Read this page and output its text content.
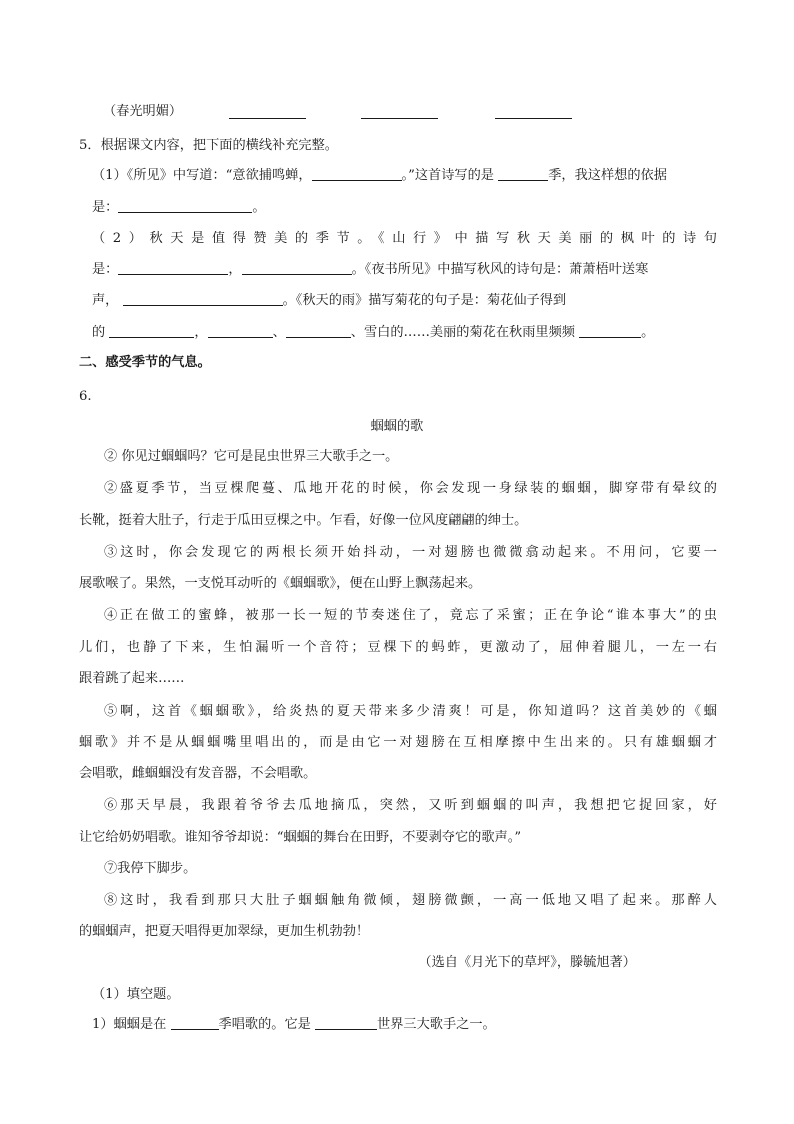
（春光明媚）
5．根据课文内容，把下面的横线补充完整。
（1）《所见》中写道：“意欲捕鸣蝉，	。”这首诗写的是	季，我这样想的依据
是：	。
（2）秋天是值得赞美的季节。《山行》中描写秋天美丽的枫叶的诗句
是：	，	。《夜书所见》中描写秋风的诗句是：萧萧梧叶送寒
声，	。《秋天的雨》描写菊花的句子是：菊花仙子得到
的	，	、	、雪白的……美丽的菊花在秋雨里频频	。
二、感受季节的气息。
6.
蝈蝈的歌
② 你见过蝈蝈吗？它可是昆虫世界三大歌手之一。
②盛夏季节，当豆棵爬蔓、瓜地开花的时候，你会发现一身绿装的蝈蝈，脚穿带有晕纹的
长靴，挺着大肚子，行走于瓜田豆棵之中。乍看，好像一位风度翩翩的绅士。
③这时，你会发现它的两根长须开始抖动，一对翅膀也微微翕动起来。不用问，它要一
展歌喉了。果然，一支悦耳动听的《蝈蝈歌》，便在山野上飘荡起来。
④正在做工的蜜蜂，被那一长一短的节奏迷住了，竟忘了采蜜；正在争论“谁本事大”的虫
儿们，也静了下来，生怕漏听一个音符；豆棵下的蚂蚱，更激动了，屈伸着腿儿，一左一右
跟着跳了起来……
⑤啊，这首《蝈蝈歌》，给炎热的夏天带来多少清爽！可是，你知道吗？这首美妙的《蝈
蝈歌》并不是从蝈蝈嘴里唱出的，而是由它一对翅膀在互相摩擦中生出来的。只有雄蝈蝈才
会唱歌，雌蝈蝈没有发音器，不会唱歌。
⑥那天早晨，我跟着爷爷去瓜地摘瓜，突然，又听到蝈蝈的叫声，我想把它捉回家，好
让它给奶奶唱歌。谁知爷爷却说：“蝈蝈的舞台在田野，不要剥夺它的歌声。”
⑦我停下脚步。
⑧这时，我看到那只大肚子蝈蝈触角微倾，翅膀微颤，一高一低地又唱了起来。那醉人
的蝈蝈声，把夏天唱得更加翠绿，更加生机勃勃！
（选自《月光下的草坪》，滕毓旭著）
（1）填空题。
1）蝈蝈是在	季唱歌的。它是	世界三大歌手之一。
